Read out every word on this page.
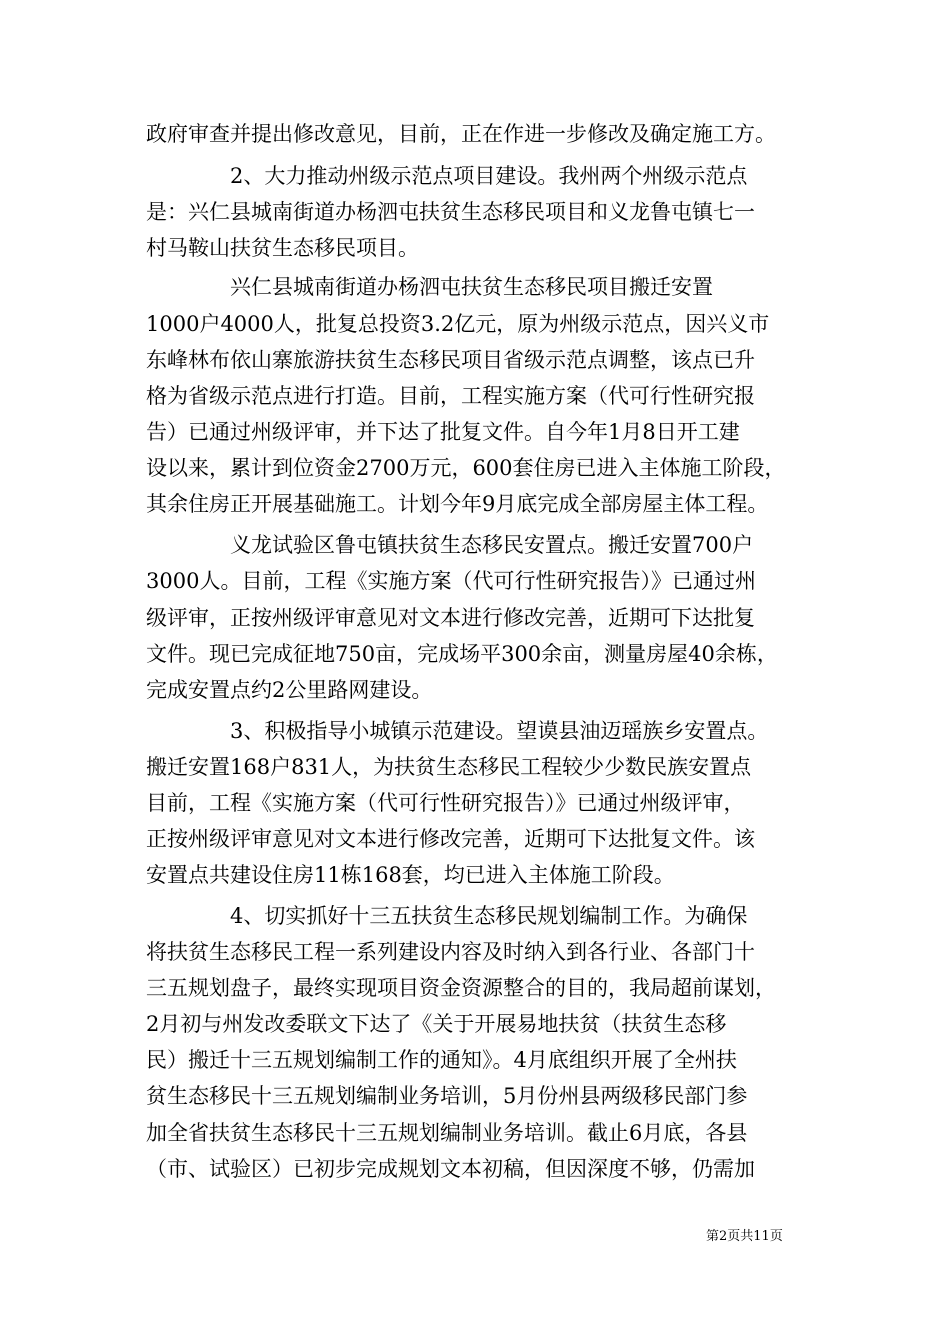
政府审查并提出修改意见，目前，正在作进一步修改及确定施工方。
　　　　2、大力推动州级示范点项目建设。我州两个州级示范点
是：兴仁县城南街道办杨泗屯扶贫生态移民项目和义龙鲁屯镇七一
村马鞍山扶贫生态移民项目。
　　　　兴仁县城南街道办杨泗屯扶贫生态移民项目搬迁安置
1000户4000人，批复总投资3.2亿元，原为州级示范点，因兴义市
东峰林布依山寨旅游扶贫生态移民项目省级示范点调整，该点已升
格为省级示范点进行打造。目前，工程实施方案（代可行性研究报
告）已通过州级评审，并下达了批复文件。自今年1月8日开工建
设以来，累计到位资金2700万元，600套住房已进入主体施工阶段，
其余住房正开展基础施工。计划今年9月底完成全部房屋主体工程。
　　　　义龙试验区鲁屯镇扶贫生态移民安置点。搬迁安置700户
3000人。目前，工程《实施方案（代可行性研究报告）》已通过州
级评审，正按州级评审意见对文本进行修改完善，近期可下达批复
文件。现已完成征地750亩，完成场平300余亩，测量房屋40余栋，
完成安置点约2公里路网建设。
　　　　3、积极指导小城镇示范建设。望谟县油迈瑶族乡安置点。
搬迁安置168户831人，为扶贫生态移民工程较少少数民族安置点
目前，工程《实施方案（代可行性研究报告）》已通过州级评审，
正按州级评审意见对文本进行修改完善，近期可下达批复文件。该
安置点共建设住房11栋168套，均已进入主体施工阶段。
　　　　4、切实抓好十三五扶贫生态移民规划编制工作。为确保
将扶贫生态移民工程一系列建设内容及时纳入到各行业、各部门十
三五规划盘子，最终实现项目资金资源整合的目的，我局超前谋划，
2月初与州发改委联文下达了《关于开展易地扶贫（扶贫生态移
民）搬迁十三五规划编制工作的通知》。4月底组织开展了全州扶
贫生态移民十三五规划编制业务培训，5月份州县两级移民部门参
加全省扶贫生态移民十三五规划编制业务培训。截止6月底，各县
（市、试验区）已初步完成规划文本初稿，但因深度不够，仍需加
第2页共11页
